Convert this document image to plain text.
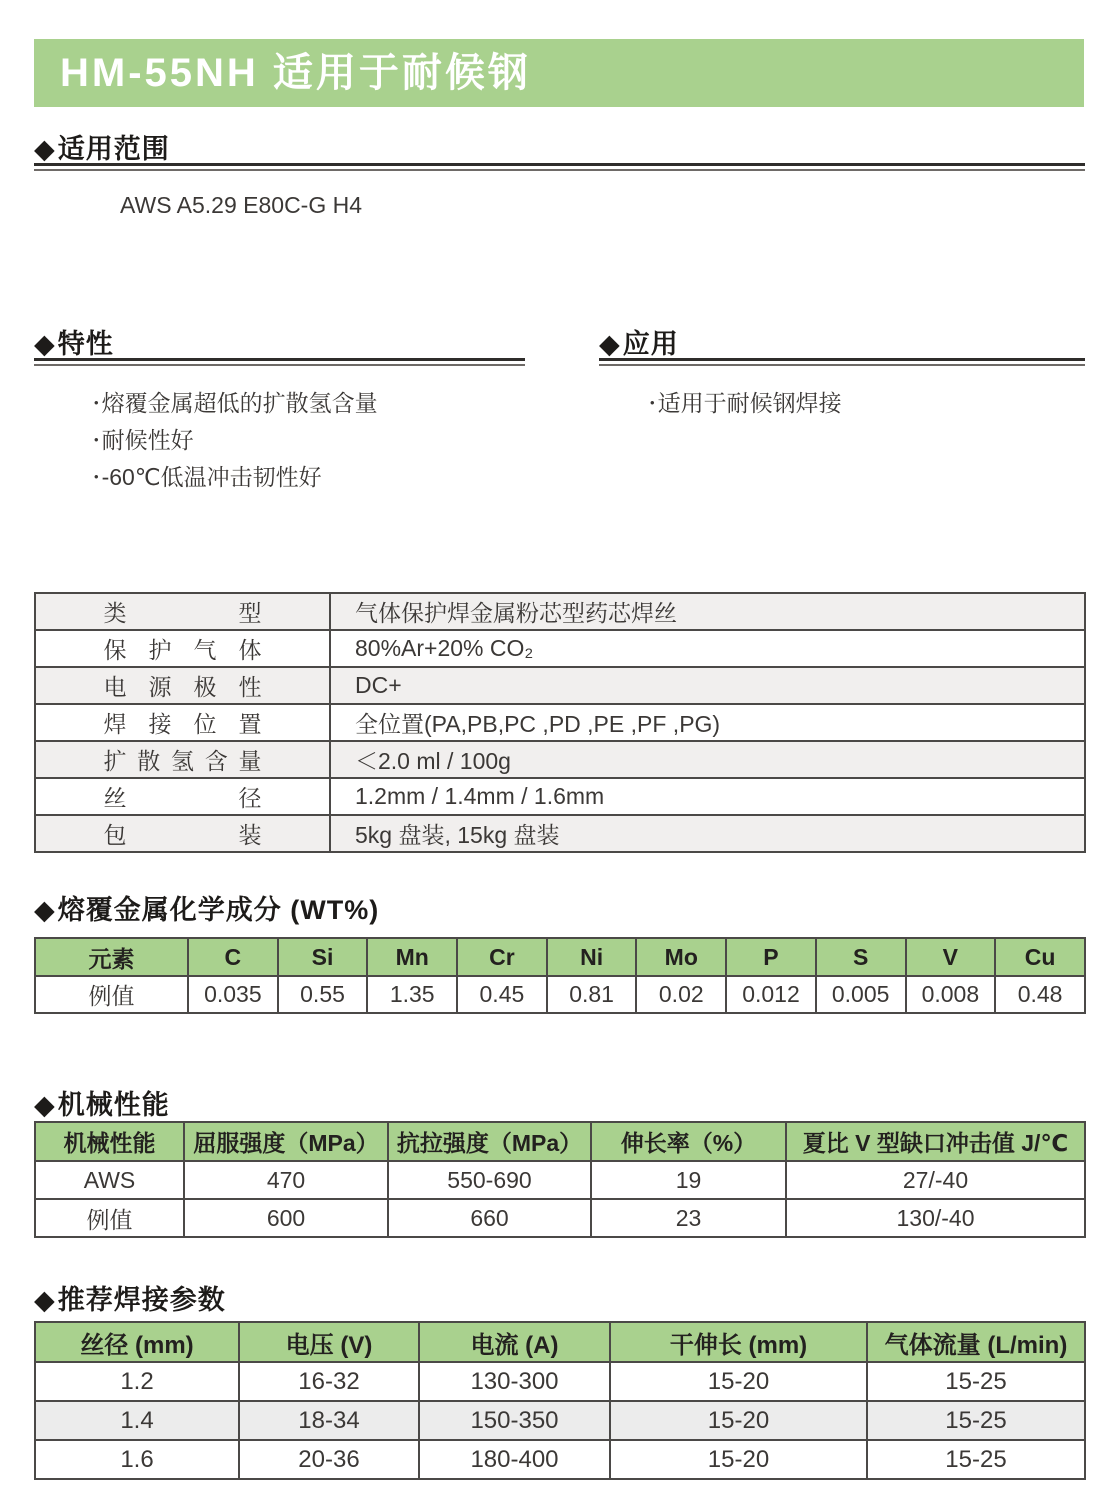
HM-55NH 适用于耐候钢
◆适用范围
AWS A5.29 E80C-G H4
◆特性
• 熔覆金属超低的扩散氢含量
• 耐候性好
• -60℃低温冲击韧性好
◆应用
• 适用于耐候钢焊接
类型	气体保护焊金属粉芯型药芯焊丝
保护气体	80%Ar+20% CO₂
电源极性	DC+
焊接位置	全位置(PA,PB,PC ,PD ,PE ,PF ,PG)
扩散氢含量	＜2.0 ml / 100g
丝径	1.2mm / 1.4mm / 1.6mm
包装	5kg 盘装, 15kg 盘装
◆熔覆金属化学成分 (WT%)
元素	C	Si	Mn	Cr	Ni	Mo	P	S	V	Cu
例值	0.035	0.55	1.35	0.45	0.81	0.02	0.012	0.005	0.008	0.48
◆机械性能
机械性能	屈服强度（MPa）	抗拉强度（MPa）	伸长率（%）	夏比 V 型缺口冲击值 J/℃
AWS	470	550-690	19	27/-40
例值	600	660	23	130/-40
◆推荐焊接参数
丝径 (mm)	电压 (V)	电流 (A)	干伸长 (mm)	气体流量 (L/min)
1.2	16-32	130-300	15-20	15-25
1.4	18-34	150-350	15-20	15-25
1.6	20-36	180-400	15-20	15-25
